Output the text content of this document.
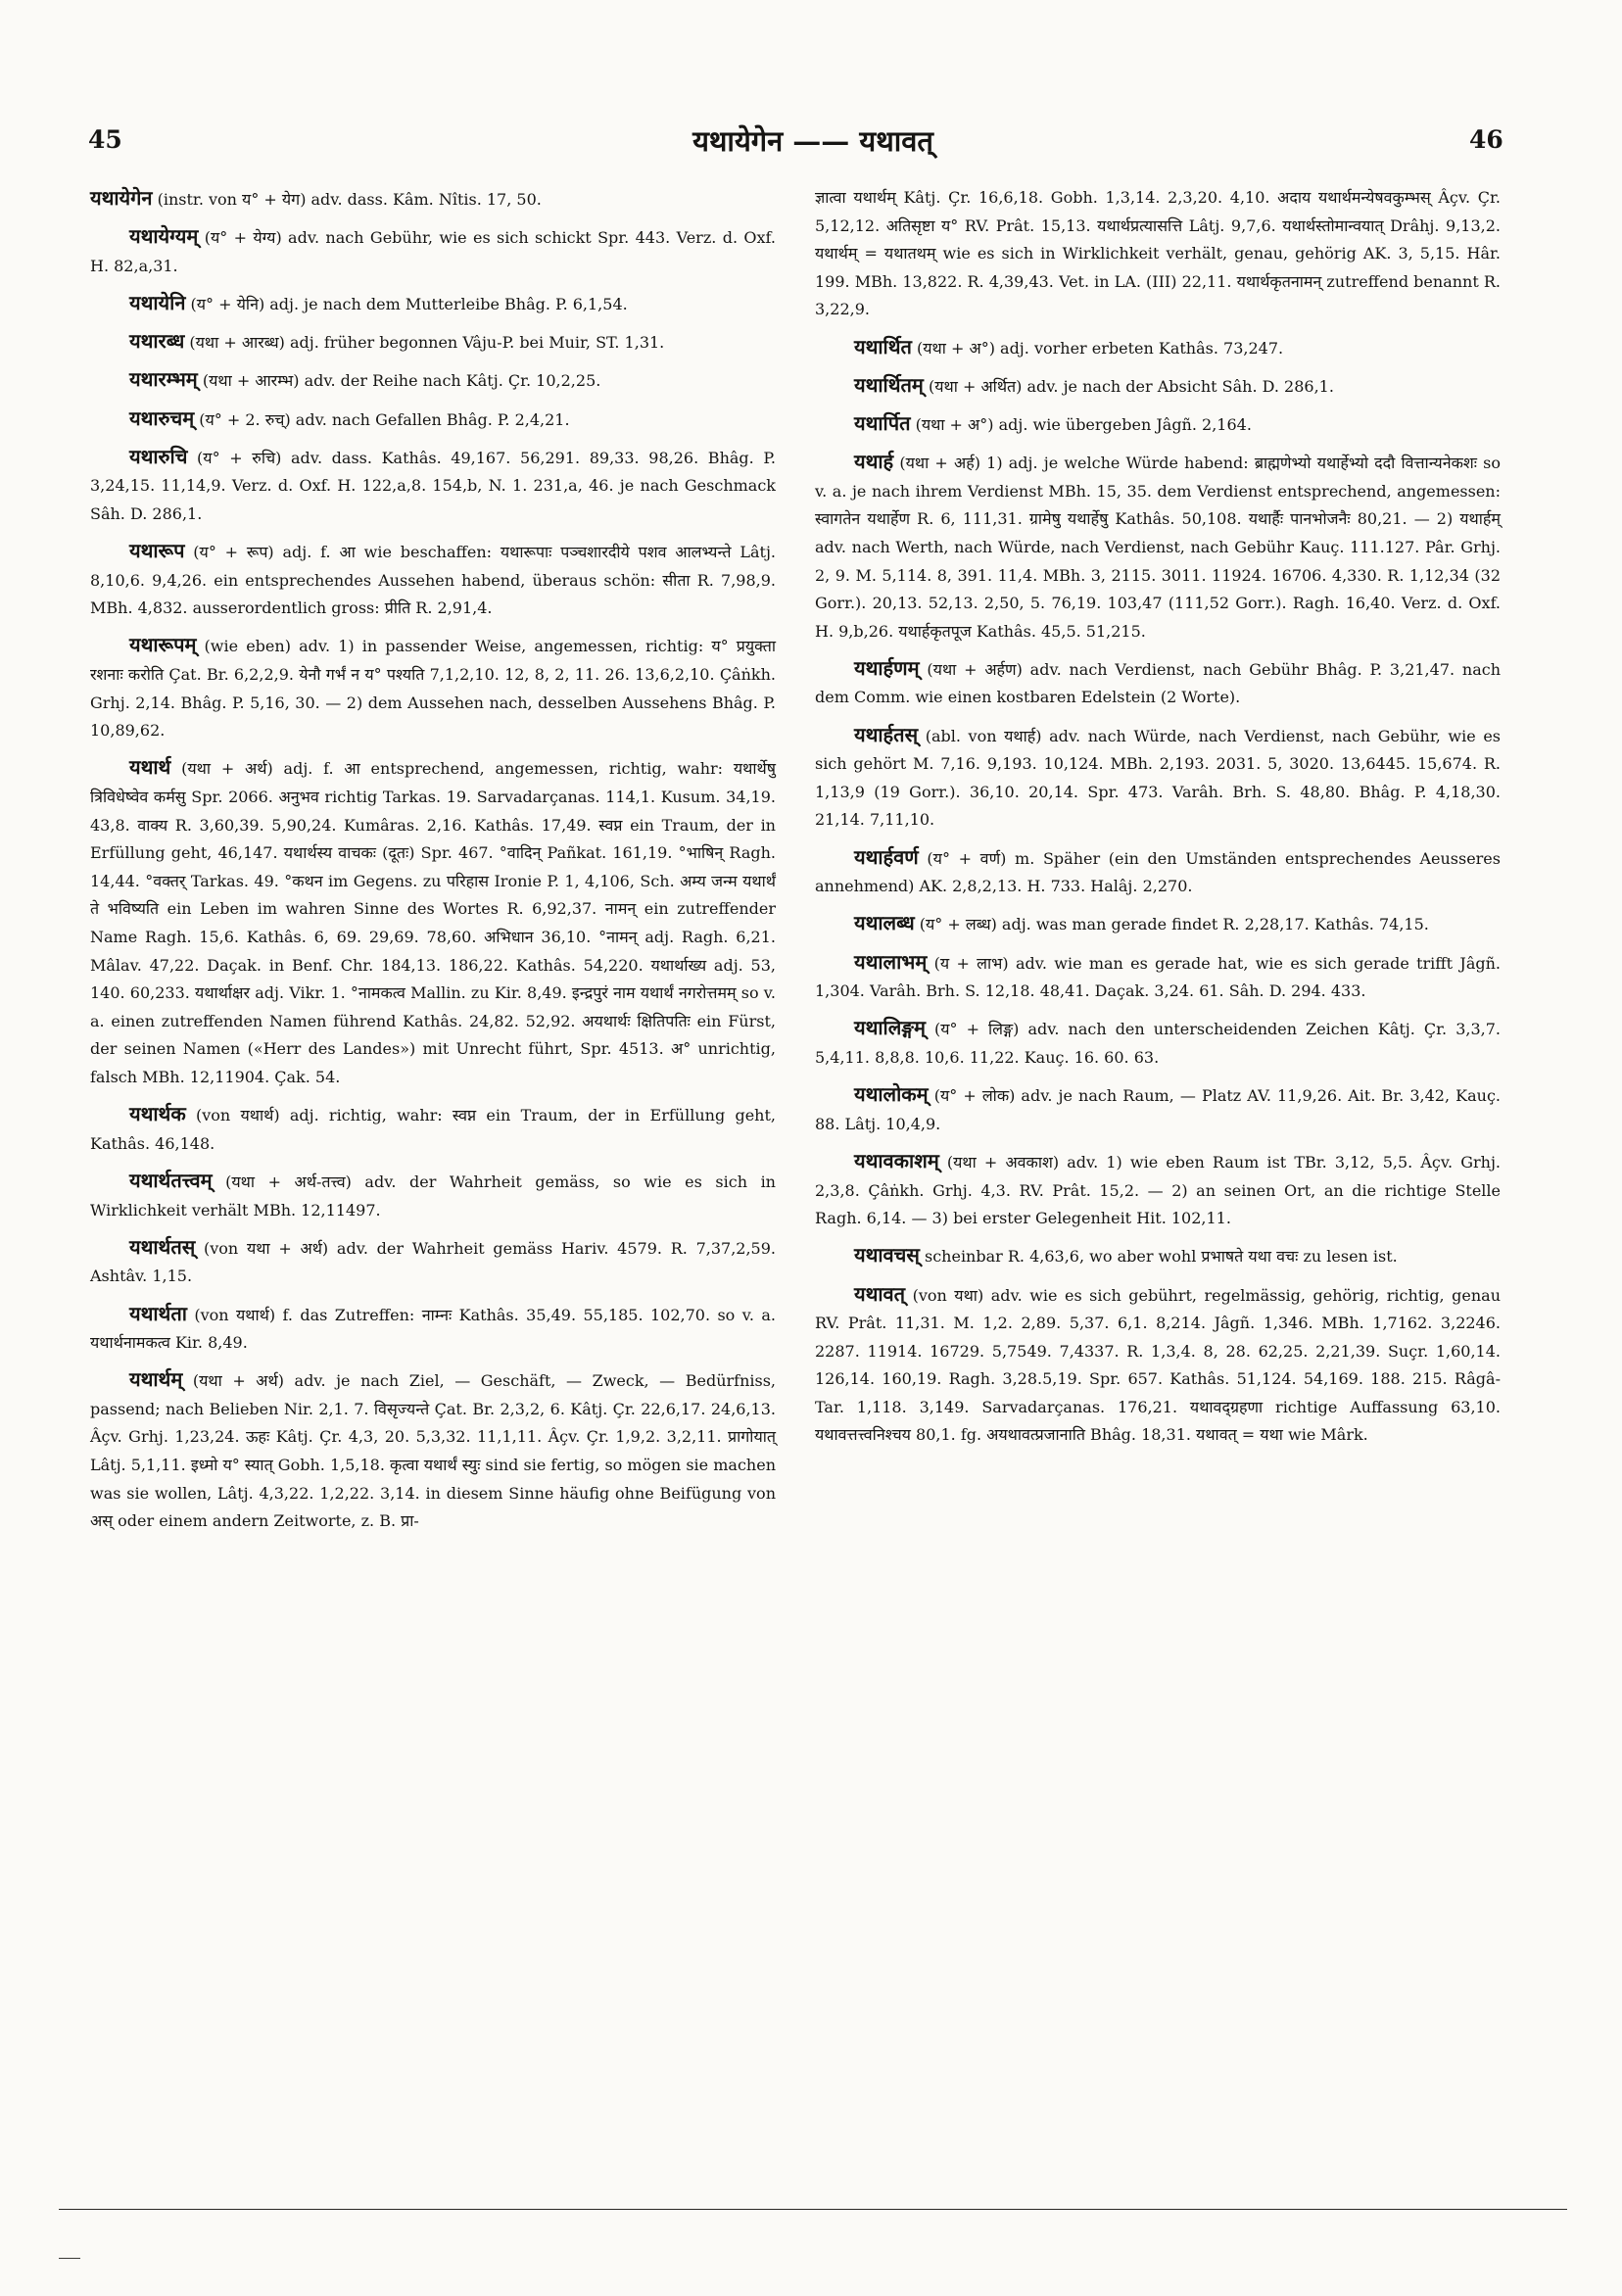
45	यथायेगेन —— यथावत्	46

यथायेगेन (instr. von य° + येग) adv. dass. Kâm. Nîtis. 17, 50.

यथायेग्यम् (य° + येग्य) adv. nach Gebühr, wie es sich schickt Spr. 443. Verz. d. Oxf. H. 82,a,31.

यथायेनि (य° + येनि) adj. je nach dem Mutterleibe Bhâg. P. 6,1,54.

यथारब्ध (यथा + आरब्ध) adj. früher begonnen Vâju-P. bei Muir, ST. 1,31.

यथारम्भम् (यथा + आरम्भ) adv. der Reihe nach Kâtj. Çr. 10,2,25.

यथारुचम् (य° + 2. रुच्) adv. nach Gefallen Bhâg. P. 2,4,21.

यथारुचि (य° + रुचि) adv. dass. Kathâs. 49,167. 56,291. 89,33. 98,26. Bhâg. P. 3,24,15. 11,14,9. Verz. d. Oxf. H. 122,a,8. 154,b, N. 1. 231,a, 46. je nach Geschmack Sâh. D. 286,1.

यथारूप (य° + रूप) adj. f. आ wie beschaffen: यथारूपाः पञ्चशारदीये पशव आलभ्यन्ते Lâtj. 8,10,6. 9,4,26. ein entsprechendes Aussehen habend, überaus schön: सीता R. 7,98,9. MBh. 4,832. ausserordentlich gross: प्रीति R. 2,91,4.

यथारूपम् (wie eben) adv. 1) in passender Weise, angemessen, richtig: य° प्रयुक्ता रशनाः करोति Çat. Br. 6,2,2,9. येनौ गर्भं न य° पश्यति 7,1,2,10. 12, 8, 2, 11. 26. 13,6,2,10. Çâṅkh. Grhj. 2,14. Bhâg. P. 5,16, 30. — 2) dem Aussehen nach, desselben Aussehens Bhâg. P. 10,89,62.

यथार्थ (यथा + अर्थ) adj. f. आ entsprechend, angemessen, richtig, wahr: यथार्थेषु त्रिविधेष्वेव कर्मसु Spr. 2066. अनुभव richtig Tarkas. 19. Sarvadarçanas. 114,1. Kusum. 34,19. 43,8. वाक्य R. 3,60,39. 5,90,24. Kumâras. 2,16. Kathâs. 17,49. स्वप्न ein Traum, der in Erfüllung geht, 46,147. यथार्थस्य वाचकः (दूतः) Spr. 467. °वादिन् Pañkat. 161,19. °भाषिन् Ragh. 14,44. °वक्तर् Tarkas. 49. °कथन im Gegens. zu परिहास Ironie P. 1, 4,106, Sch. अम्य जन्म यथार्थं ते भविष्यति ein Leben im wahren Sinne des Wortes R. 6,92,37. नामन् ein zutreffender Name Ragh. 15,6. Kathâs. 6, 69. 29,69. 78,60. अभिधान 36,10. °नामन् adj. Ragh. 6,21. Mâlav. 47,22. Daçak. in Benf. Chr. 184,13. 186,22. Kathâs. 54,220. यथार्थाख्य adj. 53, 140. 60,233. यथार्थाक्षर adj. Vikr. 1. °नामकत्व Mallin. zu Kir. 8,49. इन्द्रपुरं नाम यथार्थं नगरोत्तमम् so v. a. einen zutreffenden Namen führend Kathâs. 24,82. 52,92. अयथार्थः क्षितिपतिः ein Fürst, der seinen Namen («Herr des Landes») mit Unrecht führt, Spr. 4513. अ° unrichtig, falsch MBh. 12,11904. Çak. 54.

यथार्थक (von यथार्थ) adj. richtig, wahr: स्वप्न ein Traum, der in Erfüllung geht, Kathâs. 46,148.

यथार्थतत्त्वम् (यथा + अर्थ-तत्त्व) adv. der Wahrheit gemäss, so wie es sich in Wirklichkeit verhält MBh. 12,11497.

यथार्थतस् (von यथा + अर्थ) adv. der Wahrheit gemäss Hariv. 4579. R. 7,37,2,59. Ashtâv. 1,15.

यथार्थता (von यथार्थ) f. das Zutreffen: नाम्नः Kathâs. 35,49. 55,185. 102,70. so v. a. यथार्थनामकत्व Kir. 8,49.

यथार्थम् (यथा + अर्थ) adv. je nach Ziel, — Geschäft, — Zweck, — Bedürfniss, passend; nach Belieben Nir. 2,1. 7. विसृज्यन्ते Çat. Br. 2,3,2, 6. Kâtj. Çr. 22,6,17. 24,6,13. Âçv. Grhj. 1,23,24. ऊहः Kâtj. Çr. 4,3, 20. 5,3,32. 11,1,11. Âçv. Çr. 1,9,2. 3,2,11. प्रागोयात् Lâtj. 5,1,11. इध्मो य° स्यात् Gobh. 1,5,18. कृत्वा यथार्थं स्युः sind sie fertig, so mögen sie machen was sie wollen, Lâtj. 4,3,22. 1,2,22. 3,14. in diesem Sinne häufig ohne Beifügung von अस् oder einem andern Zeitworte, z. B. प्रा-

ज्ञात्वा यथार्थम् Kâtj. Çr. 16,6,18. Gobh. 1,3,14. 2,3,20. 4,10. अदाय यथार्थमन्येषवकुम्भस् Âçv. Çr. 5,12,12. अतिसृष्टा य° RV. Prât. 15,13. यथार्थप्रत्यासत्ति Lâtj. 9,7,6. यथार्थस्तोमान्वयात् Drâhj. 9,13,2. यथार्थम् = यथातथम् wie es sich in Wirklichkeit verhält, genau, gehörig AK. 3, 5,15. Hâr. 199. MBh. 13,822. R. 4,39,43. Vet. in LA. (III) 22,11. यथार्थकृतनामन् zutreffend benannt R. 3,22,9.

यथार्थित (यथा + अ°) adj. vorher erbeten Kathâs. 73,247.

यथार्थितम् (यथा + अर्थित) adv. je nach der Absicht Sâh. D. 286,1.

यथार्पित (यथा + अ°) adj. wie übergeben Jâgñ. 2,164.

यथार्ह (यथा + अर्ह) 1) adj. je welche Würde habend: ब्राह्मणेभ्यो यथार्हेभ्यो ददौ वित्तान्यनेकशः so v. a. je nach ihrem Verdienst MBh. 15, 35. dem Verdienst entsprechend, angemessen: स्वागतेन यथार्हेण R. 6, 111,31. ग्रामेषु यथार्हेषु Kathâs. 50,108. यथार्हैः पानभोजनैः 80,21. — 2) यथार्हम् adv. nach Werth, nach Würde, nach Verdienst, nach Gebühr Kauç. 111.127. Pâr. Grhj. 2, 9. M. 5,114. 8, 391. 11,4. MBh. 3, 2115. 3011. 11924. 16706. 4,330. R. 1,12,34 (32 Gorr.). 20,13. 52,13. 2,50, 5. 76,19. 103,47 (111,52 Gorr.). Ragh. 16,40. Verz. d. Oxf. H. 9,b,26. यथार्हकृतपूज Kathâs. 45,5. 51,215.

यथार्हणम् (यथा + अर्हण) adv. nach Verdienst, nach Gebühr Bhâg. P. 3,21,47. nach dem Comm. wie einen kostbaren Edelstein (2 Worte).

यथार्हतस् (abl. von यथार्ह) adv. nach Würde, nach Verdienst, nach Gebühr, wie es sich gehört M. 7,16. 9,193. 10,124. MBh. 2,193. 2031. 5, 3020. 13,6445. 15,674. R. 1,13,9 (19 Gorr.). 36,10. 20,14. Spr. 473. Varâh. Brh. S. 48,80. Bhâg. P. 4,18,30. 21,14. 7,11,10.

यथार्हवर्ण (य° + वर्ण) m. Späher (ein den Umständen entsprechendes Aeusseres annehmend) AK. 2,8,2,13. H. 733. Halâj. 2,270.

यथालब्ध (य° + लब्ध) adj. was man gerade findet R. 2,28,17. Kathâs. 74,15.

यथालाभम् (य + लाभ) adv. wie man es gerade hat, wie es sich gerade trifft Jâgñ. 1,304. Varâh. Brh. S. 12,18. 48,41. Daçak. 3,24. 61. Sâh. D. 294. 433.

यथालिङ्गम् (य° + लिङ्ग) adv. nach den unterscheidenden Zeichen Kâtj. Çr. 3,3,7. 5,4,11. 8,8,8. 10,6. 11,22. Kauç. 16. 60. 63.

यथालोकम् (य° + लोक) adv. je nach Raum, — Platz AV. 11,9,26. Ait. Br. 3,42, Kauç. 88. Lâtj. 10,4,9.

यथावकाशम् (यथा + अवकाश) adv. 1) wie eben Raum ist TBr. 3,12, 5,5. Âçv. Grhj. 2,3,8. Çâṅkh. Grhj. 4,3. RV. Prât. 15,2. — 2) an seinen Ort, an die richtige Stelle Ragh. 6,14. — 3) bei erster Gelegenheit Hit. 102,11.

यथावचस् scheinbar R. 4,63,6, wo aber wohl प्रभाषते यथा वचः zu lesen ist.

यथावत् (von यथा) adv. wie es sich gebührt, regelmässig, gehörig, richtig, genau RV. Prât. 11,31. M. 1,2. 2,89. 5,37. 6,1. 8,214. Jâgñ. 1,346. MBh. 1,7162. 3,2246. 2287. 11914. 16729. 5,7549. 7,4337. R. 1,3,4. 8, 28. 62,25. 2,21,39. Suçr. 1,60,14. 126,14. 160,19. Ragh. 3,28.5,19. Spr. 657. Kathâs. 51,124. 54,169. 188. 215. Râgâ-Tar. 1,118. 3,149. Sarvadarçanas. 176,21. यथावद्ग्रहणा richtige Auffassung 63,10. यथावत्तत्त्वनिश्चय 80,1. fg. अयथावत्प्रजानाति Bhâg. 18,31. यथावत् = यथा wie Mârk.
